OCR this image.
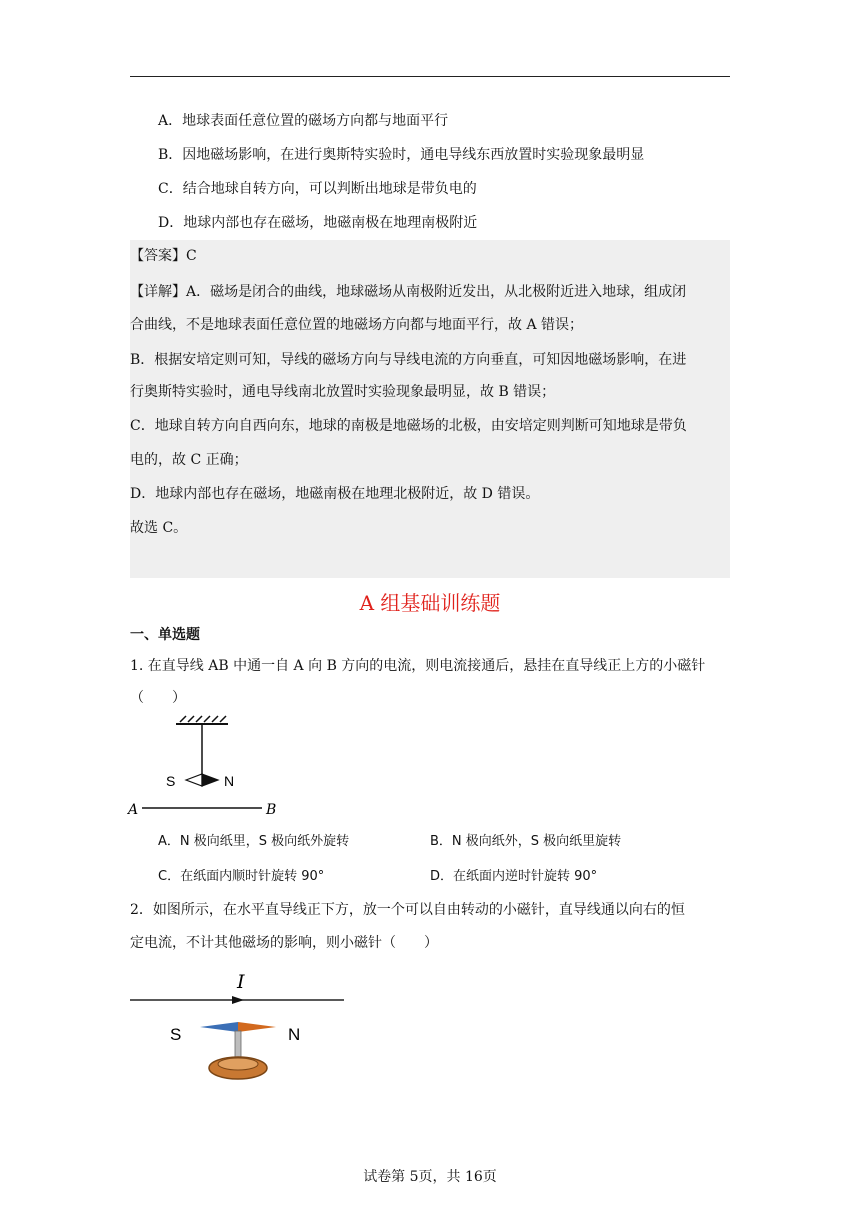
A．地球表面任意位置的磁场方向都与地面平行
B．因地磁场影响，在进行奥斯特实验时，通电导线东西放置时实验现象最明显
C．结合地球自转方向，可以判断出地球是带负电的
D．地球内部也存在磁场，地磁南极在地理南极附近
【答案】C
【详解】A．磁场是闭合的曲线，地球磁场从南极附近发出，从北极附近进入地球，组成闭
合曲线，不是地球表面任意位置的地磁场方向都与地面平行，故 A 错误；
B．根据安培定则可知，导线的磁场方向与导线电流的方向垂直，可知因地磁场影响，在进
行奥斯特实验时，通电导线南北放置时实验现象最明显，故 B 错误；
C．地球自转方向自西向东，地球的南极是地磁场的北极，由安培定则判断可知地球是带负
电的，故 C 正确；
D．地球内部也存在磁场，地磁南极在地理北极附近，故 D 错误。
故选 C。
A 组基础训练题
一、单选题
1. 在直导线 AB 中通一自 A 向 B 方向的电流，则电流接通后，悬挂在直导线正上方的小磁针
（　　）
S	N
A	B
A．N 极向纸里，S 极向纸外旋转	B．N 极向纸外，S 极向纸里旋转
C．在纸面内顺时针旋转 90°	D．在纸面内逆时针旋转 90°
2．如图所示，在水平直导线正下方，放一个可以自由转动的小磁针，直导线通以向右的恒
定电流，不计其他磁场的影响，则小磁针（　　）
I
S	N
试卷第 5页，共 16页
